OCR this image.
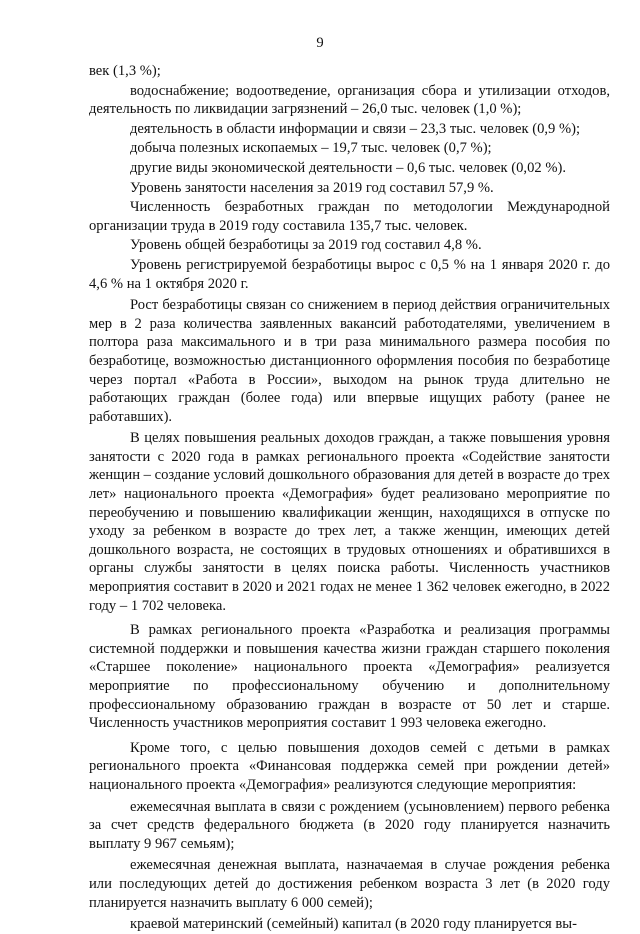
9

век (1,3 %);

водоснабжение; водоотведение, организация сбора и утилизации отходов, деятельность по ликвидации загрязнений – 26,0 тыс. человек (1,0 %);

деятельность в области информации и связи – 23,3 тыс. человек (0,9 %);

добыча полезных ископаемых – 19,7 тыс. человек (0,7 %);

другие виды экономической деятельности – 0,6 тыс. человек (0,02 %).

Уровень занятости населения за 2019 год составил 57,9 %.

Численность безработных граждан по методологии Международной организации труда в 2019 году составила 135,7 тыс. человек.

Уровень общей безработицы за 2019 год составил 4,8 %.

Уровень регистрируемой безработицы вырос с 0,5 % на 1 января 2020 г. до 4,6 % на 1 октября 2020 г.

Рост безработицы связан со снижением в период действия ограничительных мер в 2 раза количества заявленных вакансий работодателями, увеличением в полтора раза максимального и в три раза минимального размера пособия по безработице, возможностью дистанционного оформления пособия по безработице через портал «Работа в России», выходом на рынок труда длительно не работающих граждан (более года) или впервые ищущих работу (ранее не работавших).

В целях повышения реальных доходов граждан, а также повышения уровня занятости с 2020 года в рамках регионального проекта «Содействие занятости женщин – создание условий дошкольного образования для детей в возрасте до трех лет» национального проекта «Демография» будет реализовано мероприятие по переобучению и повышению квалификации женщин, находящихся в отпуске по уходу за ребенком в возрасте до трех лет, а также женщин, имеющих детей дошкольного возраста, не состоящих в трудовых отношениях и обратившихся в органы службы занятости в целях поиска работы. Численность участников мероприятия составит в 2020 и 2021 годах не менее 1 362 человек ежегодно, в 2022 году – 1 702 человека.

В рамках регионального проекта «Разработка и реализация программы системной поддержки и повышения качества жизни граждан старшего поколения «Старшее поколение» национального проекта «Демография» реализуется мероприятие по профессиональному обучению и дополнительному профессиональному образованию граждан в возрасте от 50 лет и старше. Численность участников мероприятия составит 1 993 человека ежегодно.

Кроме того, с целью повышения доходов семей с детьми в рамках регионального проекта «Финансовая поддержка семей при рождении детей» национального проекта «Демография» реализуются следующие мероприятия:

ежемесячная выплата в связи с рождением (усыновлением) первого ребенка за счет средств федерального бюджета (в 2020 году планируется назначить выплату 9 967 семьям);

ежемесячная денежная выплата, назначаемая в случае рождения ребенка или последующих детей до достижения ребенком возраста 3 лет (в 2020 году планируется назначить выплату 6 000 семей);

краевой материнский (семейный) капитал (в 2020 году планируется вы-
